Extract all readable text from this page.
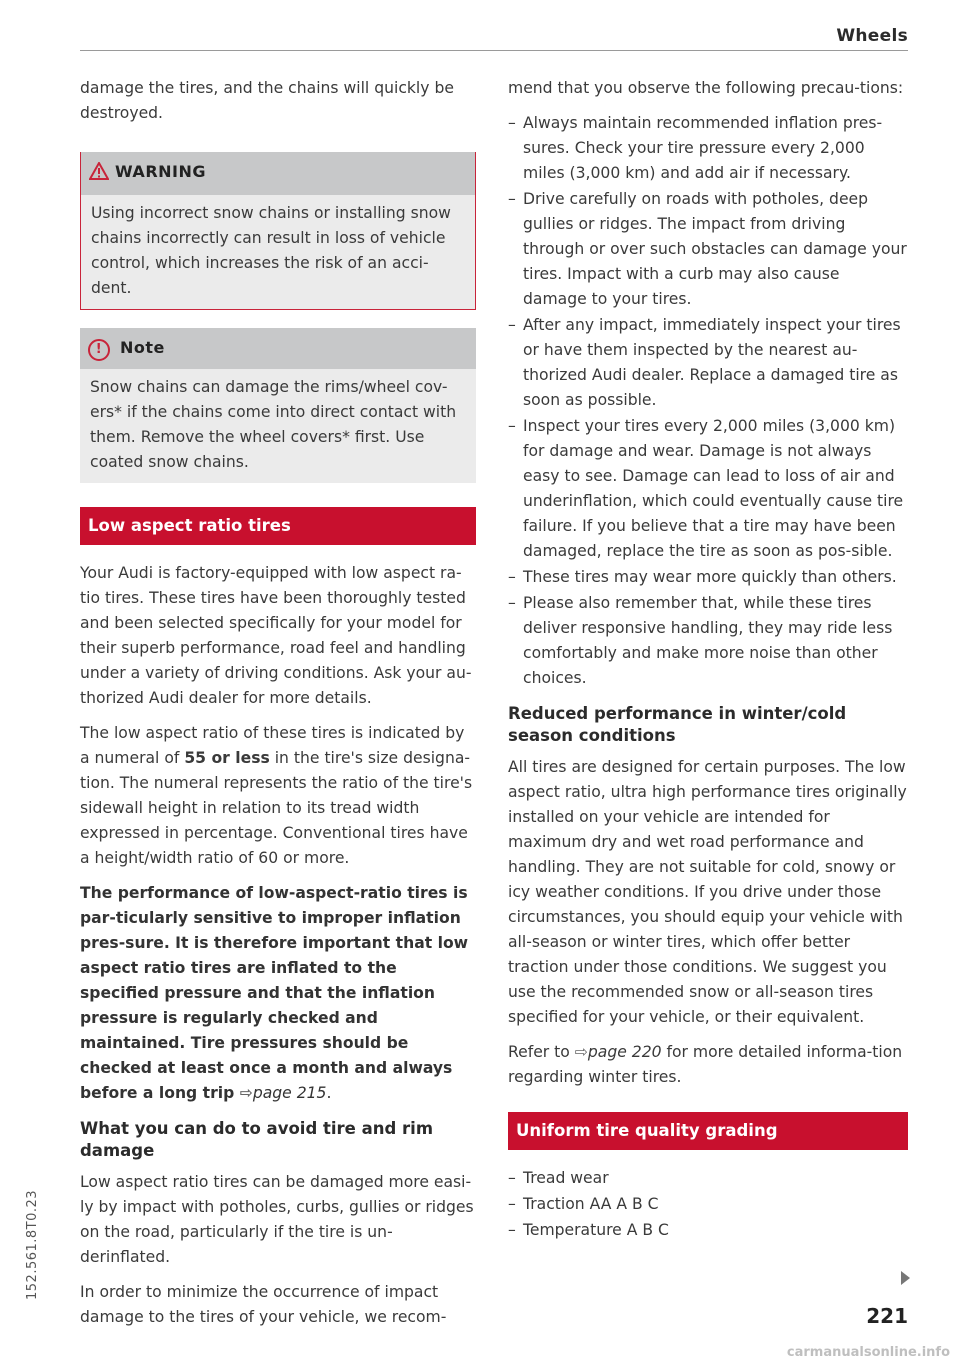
Wheels

damage the tires, and the chains will quickly be destroyed.

WARNING

Using incorrect snow chains or installing snow chains incorrectly can result in loss of vehicle control, which increases the risk of an acci-dent.

! Note

Snow chains can damage the rims/wheel cov-ers* if the chains come into direct contact with them. Remove the wheel covers* first. Use coated snow chains.

Low aspect ratio tires

Your Audi is factory-equipped with low aspect ra-tio tires. These tires have been thoroughly tested and been selected specifically for your model for their superb performance, road feel and handling under a variety of driving conditions. Ask your au-thorized Audi dealer for more details.

The low aspect ratio of these tires is indicated by a numeral of 55 or less in the tire's size designa-tion. The numeral represents the ratio of the tire's sidewall height in relation to its tread width expressed in percentage. Conventional tires have a height/width ratio of 60 or more.

The performance of low-aspect-ratio tires is par-ticularly sensitive to improper inflation pres-sure. It is therefore important that low aspect ratio tires are inflated to the specified pressure and that the inflation pressure is regularly checked and maintained. Tire pressures should be checked at least once a month and always before a long trip ⇨page 215.

What you can do to avoid tire and rim damage

Low aspect ratio tires can be damaged more easi-ly by impact with potholes, curbs, gullies or ridges on the road, particularly if the tire is un-derinflated.

In order to minimize the occurrence of impact damage to the tires of your vehicle, we recom-

mend that you observe the following precau-tions:

– Always maintain recommended inflation pres-sures. Check your tire pressure every 2,000 miles (3,000 km) and add air if necessary.
– Drive carefully on roads with potholes, deep gullies or ridges. The impact from driving through or over such obstacles can damage your tires. Impact with a curb may also cause damage to your tires.
– After any impact, immediately inspect your tires or have them inspected by the nearest au-thorized Audi dealer. Replace a damaged tire as soon as possible.
– Inspect your tires every 2,000 miles (3,000 km) for damage and wear. Damage is not always easy to see. Damage can lead to loss of air and underinflation, which could eventually cause tire failure. If you believe that a tire may have been damaged, replace the tire as soon as pos-sible.
– These tires may wear more quickly than others.
– Please also remember that, while these tires deliver responsive handling, they may ride less comfortably and make more noise than other choices.
Reduced performance in winter/cold season conditions

All tires are designed for certain purposes. The low aspect ratio, ultra high performance tires originally installed on your vehicle are intended for maximum dry and wet road performance and handling. They are not suitable for cold, snowy or icy weather conditions. If you drive under those circumstances, you should equip your vehicle with all-season or winter tires, which offer better traction under those conditions. We suggest you use the recommended snow or all-season tires specified for your vehicle, or their equivalent.

Refer to ⇨page 220 for more detailed informa-tion regarding winter tires.

Uniform tire quality grading
– Tread wear
– Traction AA A B C
– Temperature A B C
221
152.561.8T0.23
carmanualsonline.info
